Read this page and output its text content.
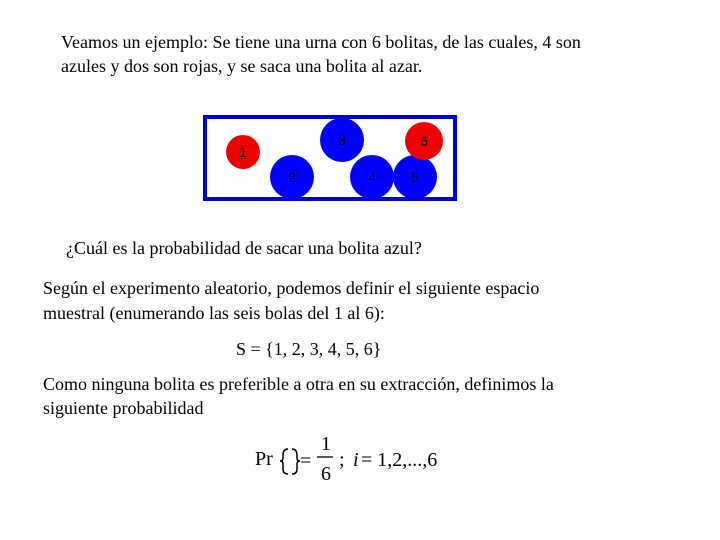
Veamos un ejemplo: Se tiene una urna con 6 bolitas, de las cuales, 4 son
azules y dos son rojas, y se saca una bolita al azar.
1
2
3
4	5
6
¿Cuál es la probabilidad de sacar una bolita azul?
Según el experimento aleatorio, podemos definir el siguiente espacio
muestral (enumerando las seis bolas del 1 al 6):
S = {1, 2, 3, 4, 5, 6}
Como ninguna bolita es preferible a otra en su extracción, definimos la
siguiente probabilidad
Pr =
1
6
; i = 1,2,...,6
